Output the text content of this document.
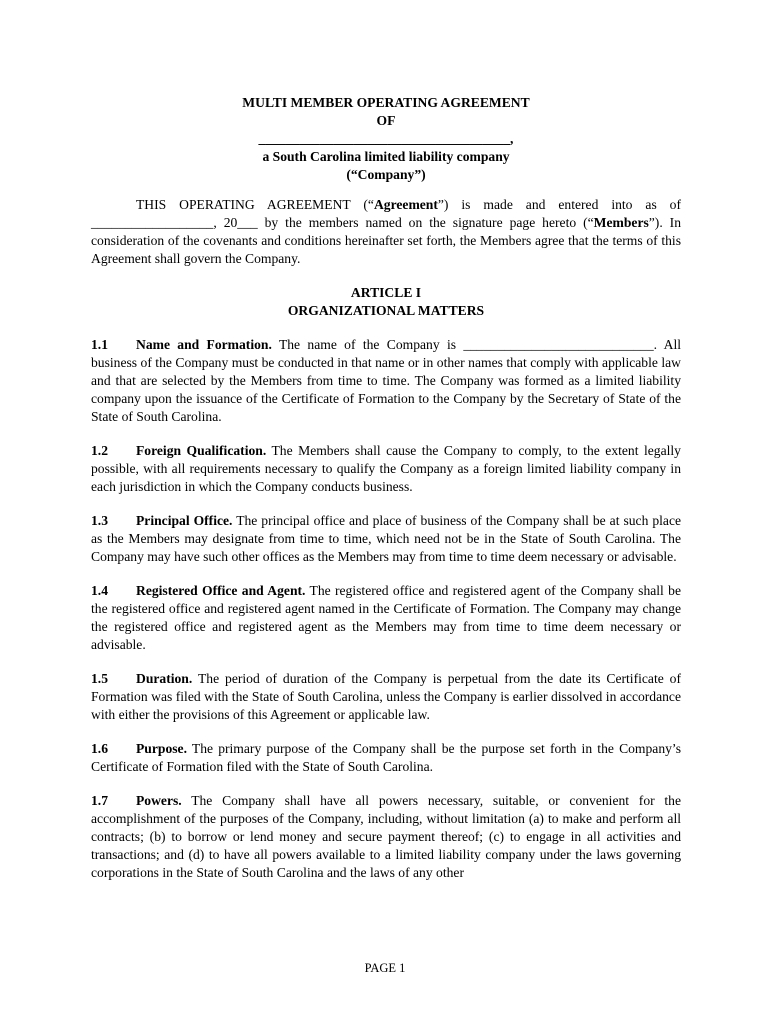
MULTI MEMBER OPERATING AGREEMENT
OF
_____________________________________,
a South Carolina limited liability company
(“Company”)

THIS OPERATING AGREEMENT (“Agreement”) is made and entered into as of __________________, 20___ by the members named on the signature page hereto (“Members”). In consideration of the covenants and conditions hereinafter set forth, the Members agree that the terms of this Agreement shall govern the Company.

ARTICLE I
ORGANIZATIONAL MATTERS

1.1 Name and Formation. The name of the Company is ____________________________. All business of the Company must be conducted in that name or in other names that comply with applicable law and that are selected by the Members from time to time. The Company was formed as a limited liability company upon the issuance of the Certificate of Formation to the Company by the Secretary of State of the State of South Carolina.

1.2 Foreign Qualification. The Members shall cause the Company to comply, to the extent legally possible, with all requirements necessary to qualify the Company as a foreign limited liability company in each jurisdiction in which the Company conducts business.

1.3 Principal Office. The principal office and place of business of the Company shall be at such place as the Members may designate from time to time, which need not be in the State of South Carolina. The Company may have such other offices as the Members may from time to time deem necessary or advisable.

1.4 Registered Office and Agent. The registered office and registered agent of the Company shall be the registered office and registered agent named in the Certificate of Formation. The Company may change the registered office and registered agent as the Members may from time to time deem necessary or advisable.

1.5 Duration. The period of duration of the Company is perpetual from the date its Certificate of Formation was filed with the State of South Carolina, unless the Company is earlier dissolved in accordance with either the provisions of this Agreement or applicable law.

1.6 Purpose. The primary purpose of the Company shall be the purpose set forth in the Company’s Certificate of Formation filed with the State of South Carolina.

1.7 Powers. The Company shall have all powers necessary, suitable, or convenient for the accomplishment of the purposes of the Company, including, without limitation (a) to make and perform all contracts; (b) to borrow or lend money and secure payment thereof; (c) to engage in all activities and transactions; and (d) to have all powers available to a limited liability company under the laws governing corporations in the State of South Carolina and the laws of any other

PAGE 1
